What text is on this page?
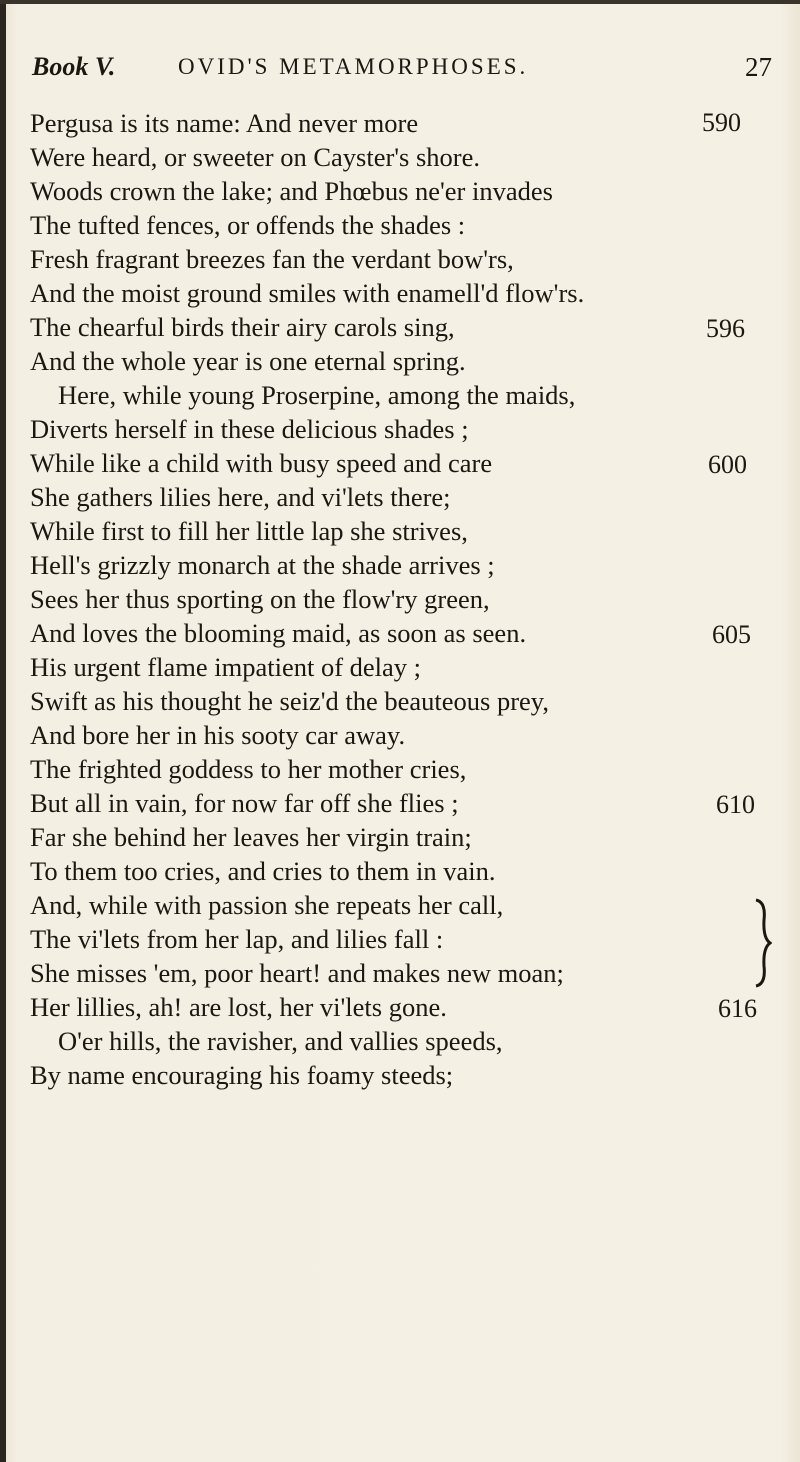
Book V.	OVID'S METAMORPHOSES.	27
Pergusa is its name: And never more	590
Were heard, or sweeter on Cayster's shore.
Woods crown the lake; and Phœbus ne'er invades
The tufted fences, or offends the shades :
Fresh fragrant breezes fan the verdant bow'rs,
And the moist ground smiles with enamell'd flow'rs.
The chearful birds their airy carols sing,	596
And the whole year is one eternal spring.
Here, while young Proserpine, among the maids,
Diverts herself in these delicious shades ;
While like a child with busy speed and care	600
She gathers lilies here, and vi'lets there;
While first to fill her little lap she strives,
Hell's grizzly monarch at the shade arrives ;
Sees her thus sporting on the flow'ry green,
And loves the blooming maid, as soon as seen.	605
His urgent flame impatient of delay ;
Swift as his thought he seiz'd the beauteous prey,
And bore her in his sooty car away.
The frighted goddess to her mother cries,
But all in vain, for now far off she flies ;	610
Far she behind her leaves her virgin train;
To them too cries, and cries to them in vain.
And, while with passion she repeats her call,
The vi'lets from her lap, and lilies fall :
She misses 'em, poor heart! and makes new moan;
Her lillies, ah! are lost, her vi'lets gone.	616
O'er hills, the ravisher, and vallies speeds,
By name encouraging his foamy steeds;
